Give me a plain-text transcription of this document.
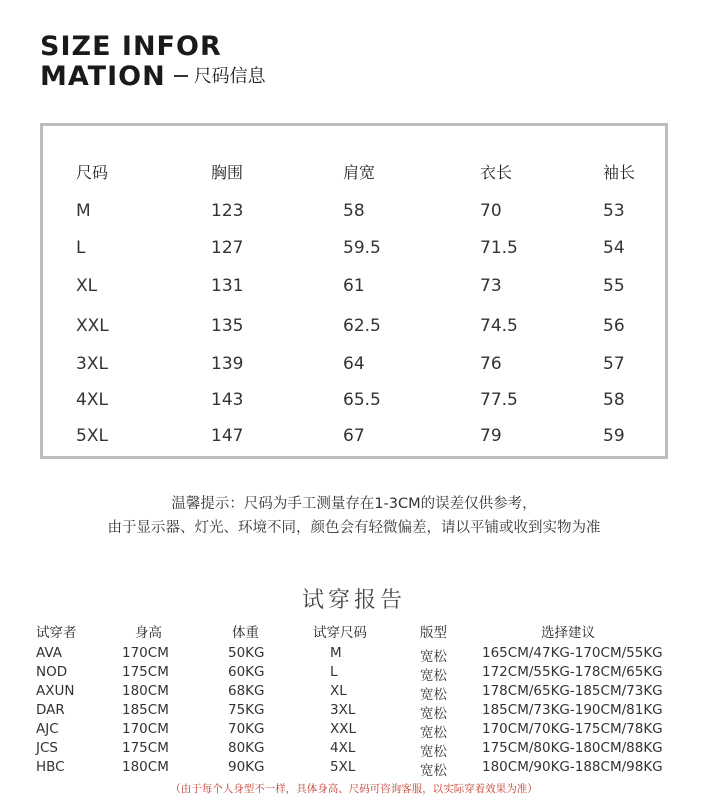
SIZE INFOR
MATION 尺码信息
尺码	胸围	肩宽	衣长	袖长
M	123	58	70	53
L	127	59.5	71.5	54
XL	131	61	73	55
XXL	135	62.5	74.5	56
3XL	139	64	76	57
4XL	143	65.5	77.5	58
5XL	147	67	79	59
温馨提示：尺码为手工测量存在1-3CM的误差仅供参考，
由于显示器、灯光、环境不同，颜色会有轻微偏差，请以平铺或收到实物为准
试穿报告
试穿者	身高	体重	试穿尺码	版型	选择建议
AVA	170CM	50KG	M	宽松	165CM/47KG-170CM/55KG
NOD	175CM	60KG	L	宽松	172CM/55KG-178CM/65KG
AXUN	180CM	68KG	XL	宽松	178CM/65KG-185CM/73KG
DAR	185CM	75KG	3XL	宽松	185CM/73KG-190CM/81KG
AJC	170CM	70KG	XXL	宽松	170CM/70KG-175CM/78KG
JCS	175CM	80KG	4XL	宽松	175CM/80KG-180CM/88KG
HBC	180CM	90KG	5XL	宽松	180CM/90KG-188CM/98KG
（由于每个人身型不一样，具体身高、尺码可咨询客服，以实际穿着效果为准）
